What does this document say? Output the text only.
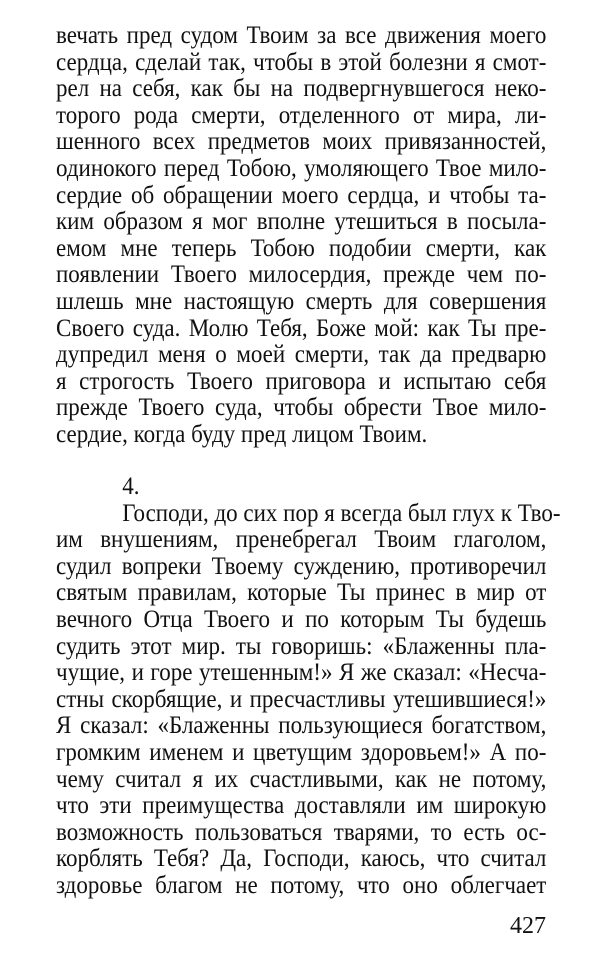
вечать пред судом Твоим за все движения моего
сердца, сделай так, чтобы в этой болезни я смот-
рел на себя, как бы на подвергнувшегося неко-
торого рода смерти, отделенного от мира, ли-
шенного всех предметов моих привязанностей,
одинокого перед Тобою, умоляющего Твое мило-
сердие об обращении моего сердца, и чтобы та-
ким образом я мог вполне утешиться в посыла-
емом мне теперь Тобою подобии смерти, как
появлении Твоего милосердия, прежде чем по-
шлешь мне настоящую смерть для совершения
Своего суда. Молю Тебя, Боже мой: как Ты пре-
дупредил меня о моей смерти, так да предварю
я строгость Твоего приговора и испытаю себя
прежде Твоего суда, чтобы обрести Твое мило-
сердие, когда буду пред лицом Твоим.
4.
Господи, до сих пор я всегда был глух к Тво-
им внушениям, пренебрегал Твоим глаголом,
судил вопреки Твоему суждению, противоречил
святым правилам, которые Ты принес в мир от
вечного Отца Твоего и по которым Ты будешь
судить этот мир. ты говоришь: «Блаженны пла-
чущие, и горе утешенным!» Я же сказал: «Несча-
стны скорбящие, и пресчастливы утешившиеся!»
Я сказал: «Блаженны пользующиеся богатством,
громким именем и цветущим здоровьем!» А по-
чему считал я их счастливыми, как не потому,
что эти преимущества доставляли им широкую
возможность пользоваться тварями, то есть ос-
корблять Тебя? Да, Господи, каюсь, что считал
здоровье благом не потому, что оно облегчает
427
